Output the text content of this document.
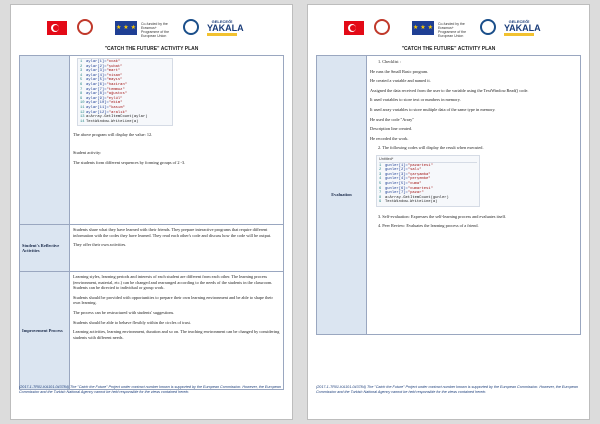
★ ★ ★ Co-funded by the Erasmus+ Programme of the European Union
GELECEĞİ
YAKALA
"CATCH THE FUTURE" ACTIVITY PLAN
1 aylar[1]="ocak"
2 aylar[2]="şubat"
3 aylar[3]="mart"
4 aylar[4]="nisan"
5 aylar[5]="mayıs"
6 aylar[6]="haziran"
7 aylar[7]="temmuz"
8 aylar[8]="ağustos"
9 aylar[9]="eylül"
10aylar[10]="ekim"
11aylar[11]="kasım"
12aylar[12]="aralık"
13a=Array.GetItemCount(aylar)
14TextWindow.WriteLine(a)

The above program will display the value: 12.

Student activity:

The students form different sequences by forming groups of 2 -3.

Student's Reflective Activities

Students share what they have learned with their friends. They prepare interactive programs that require different information with the codes they have learned. They read each other's code and discuss how the code will be output.

They offer their own activities.

Improvement Process

Learning styles, learning periods and interests of each student are different from each other. The learning process (environment, material, etc.) can be changed and rearranged according to the needs of the students in the classroom. Students can be directed to individual or group work.

Students should be provided with opportunities to prepare their own learning environment and be able to shape their own learning.

The process can be restructured with students' suggestions.

Students should be able to behave flexibly within the circles of trust.

Learning activities, learning environment, duration and so on. The teaching environment can be changed by considering students with different needs.

(2017-1-TR01-KA101-043784) The "Catch the Future" Project under contract number known is supported by the European Commission. However, the European Commission and the Turkish National Agency cannot be held responsible for the views contained herein.
★ ★ ★ Co-funded by the Erasmus+ Programme of the European Union
GELECEĞİ
YAKALA
"CATCH THE FUTURE" ACTIVITY PLAN
Evaluation

1. Checklist :

He runs the Small Basic program.

He created a variable and named it.

Assigned the data received from the user to the variable using the TextWindow.Read() code.

It used variables to store text or numbers in memory.

It used array variables to store multiple data of the same type in memory.

He used the code "Array"

Description line created.

He recorded the work.

2. The following codes will display the result when executed.

Untitled*
1 gunler[1]="pazartesi"
2 gunler[2]="salı"
3 gunler[3]="çarşamba"
4 gunler[4]="perşembe"
5 gunler[5]="cuma"
6 gunler[6]="cumartesi"
7 gunler[7]="pazar"
8 a=Array.GetItemCount(gunler)
9 TextWindow.WriteLine(a)

3. Self-evaluation: Expresses the self-learning process and evaluates itself.

4. Peer Review: Evaluates the learning process of a friend.

(2017-1-TR01-KA101-043784) The "Catch the Future" Project under contract number known is supported by the European Commission. However, the European Commission and the Turkish National Agency cannot be held responsible for the views contained herein.
